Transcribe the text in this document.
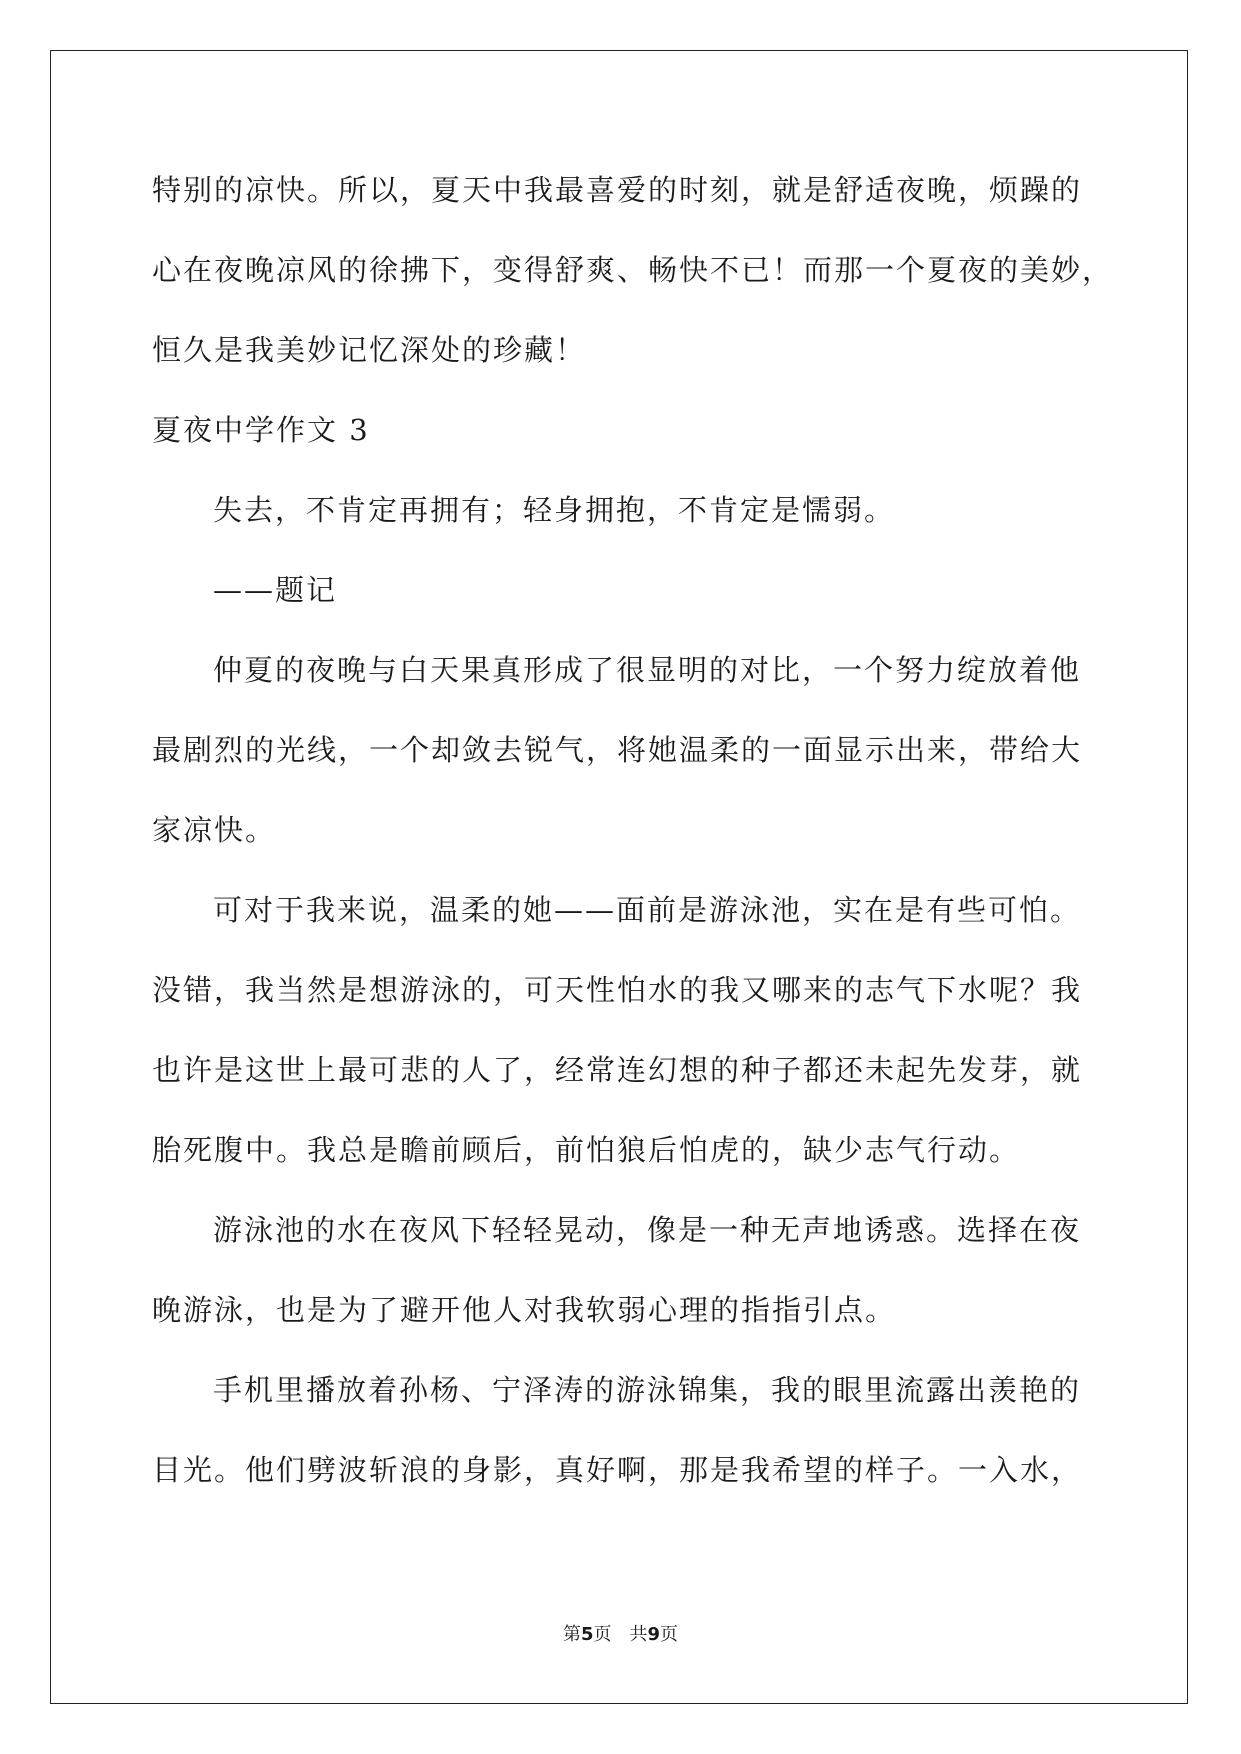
特别的凉快。所以，夏天中我最喜爱的时刻，就是舒适夜晚，烦躁的
心在夜晚凉风的徐拂下，变得舒爽、畅快不已！而那一个夏夜的美妙，
恒久是我美妙记忆深处的珍藏！
夏夜中学作文 3
失去，不肯定再拥有；轻身拥抱，不肯定是懦弱。
——题记
仲夏的夜晚与白天果真形成了很显明的对比，一个努力绽放着他
最剧烈的光线，一个却敛去锐气，将她温柔的一面显示出来，带给大
家凉快。
可对于我来说，温柔的她——面前是游泳池，实在是有些可怕。
没错，我当然是想游泳的，可天性怕水的我又哪来的志气下水呢？我
也许是这世上最可悲的人了，经常连幻想的种子都还未起先发芽，就
胎死腹中。我总是瞻前顾后，前怕狼后怕虎的，缺少志气行动。
游泳池的水在夜风下轻轻晃动，像是一种无声地诱惑。选择在夜
晚游泳，也是为了避开他人对我软弱心理的指指引点。
手机里播放着孙杨、宁泽涛的游泳锦集，我的眼里流露出羡艳的
目光。他们劈波斩浪的身影，真好啊，那是我希望的样子。一入水，
第5页 共9页
